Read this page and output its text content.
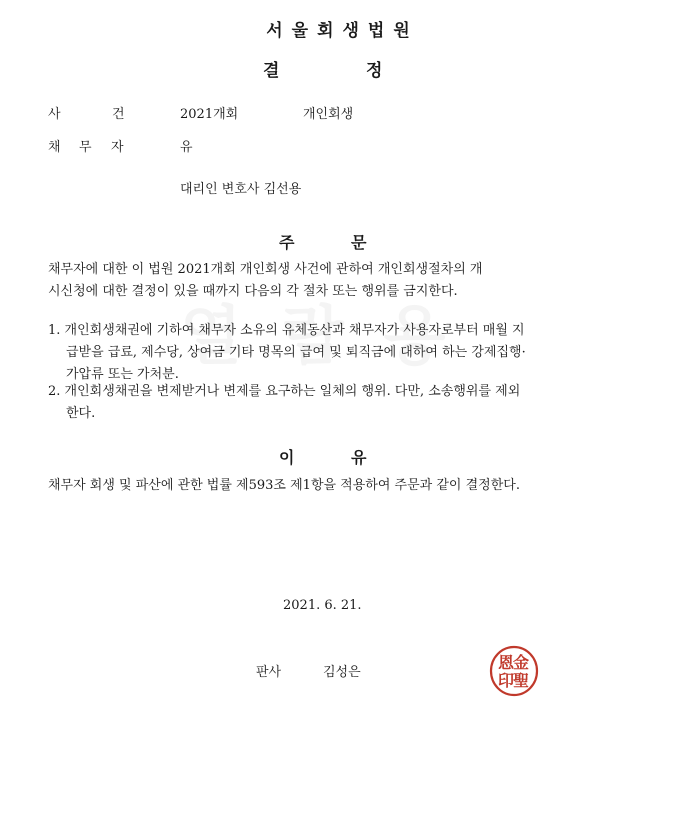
서울회생법원
결	정
사	건	2021개회	개인회생
채 무 자	유
대리인 변호사 김선용
주	문
채무자에 대한 이 법원 2021개회 개인회생 사건에 관하여 개인회생절차의 개
시신청에 대한 결정이 있을 때까지 다음의 각 절차 또는 행위를 금지한다.
1. 개인회생채권에 기하여 채무자 소유의 유체동산과 채무자가 사용자로부터 매월 지
급받을 급료, 제수당, 상여금 기타 명목의 급여 및 퇴직금에 대하여 하는 강제집행·
가압류 또는 가처분.
2. 개인회생채권을 변제받거나 변제를 요구하는 일체의 행위. 다만, 소송행위를 제외
한다.
이	유
채무자 회생 및 파산에 관한 법률 제593조 제1항을 적용하여 주문과 같이 결정한다.
2021. 6. 21.
판사	김성은
金
聖
恩
印
